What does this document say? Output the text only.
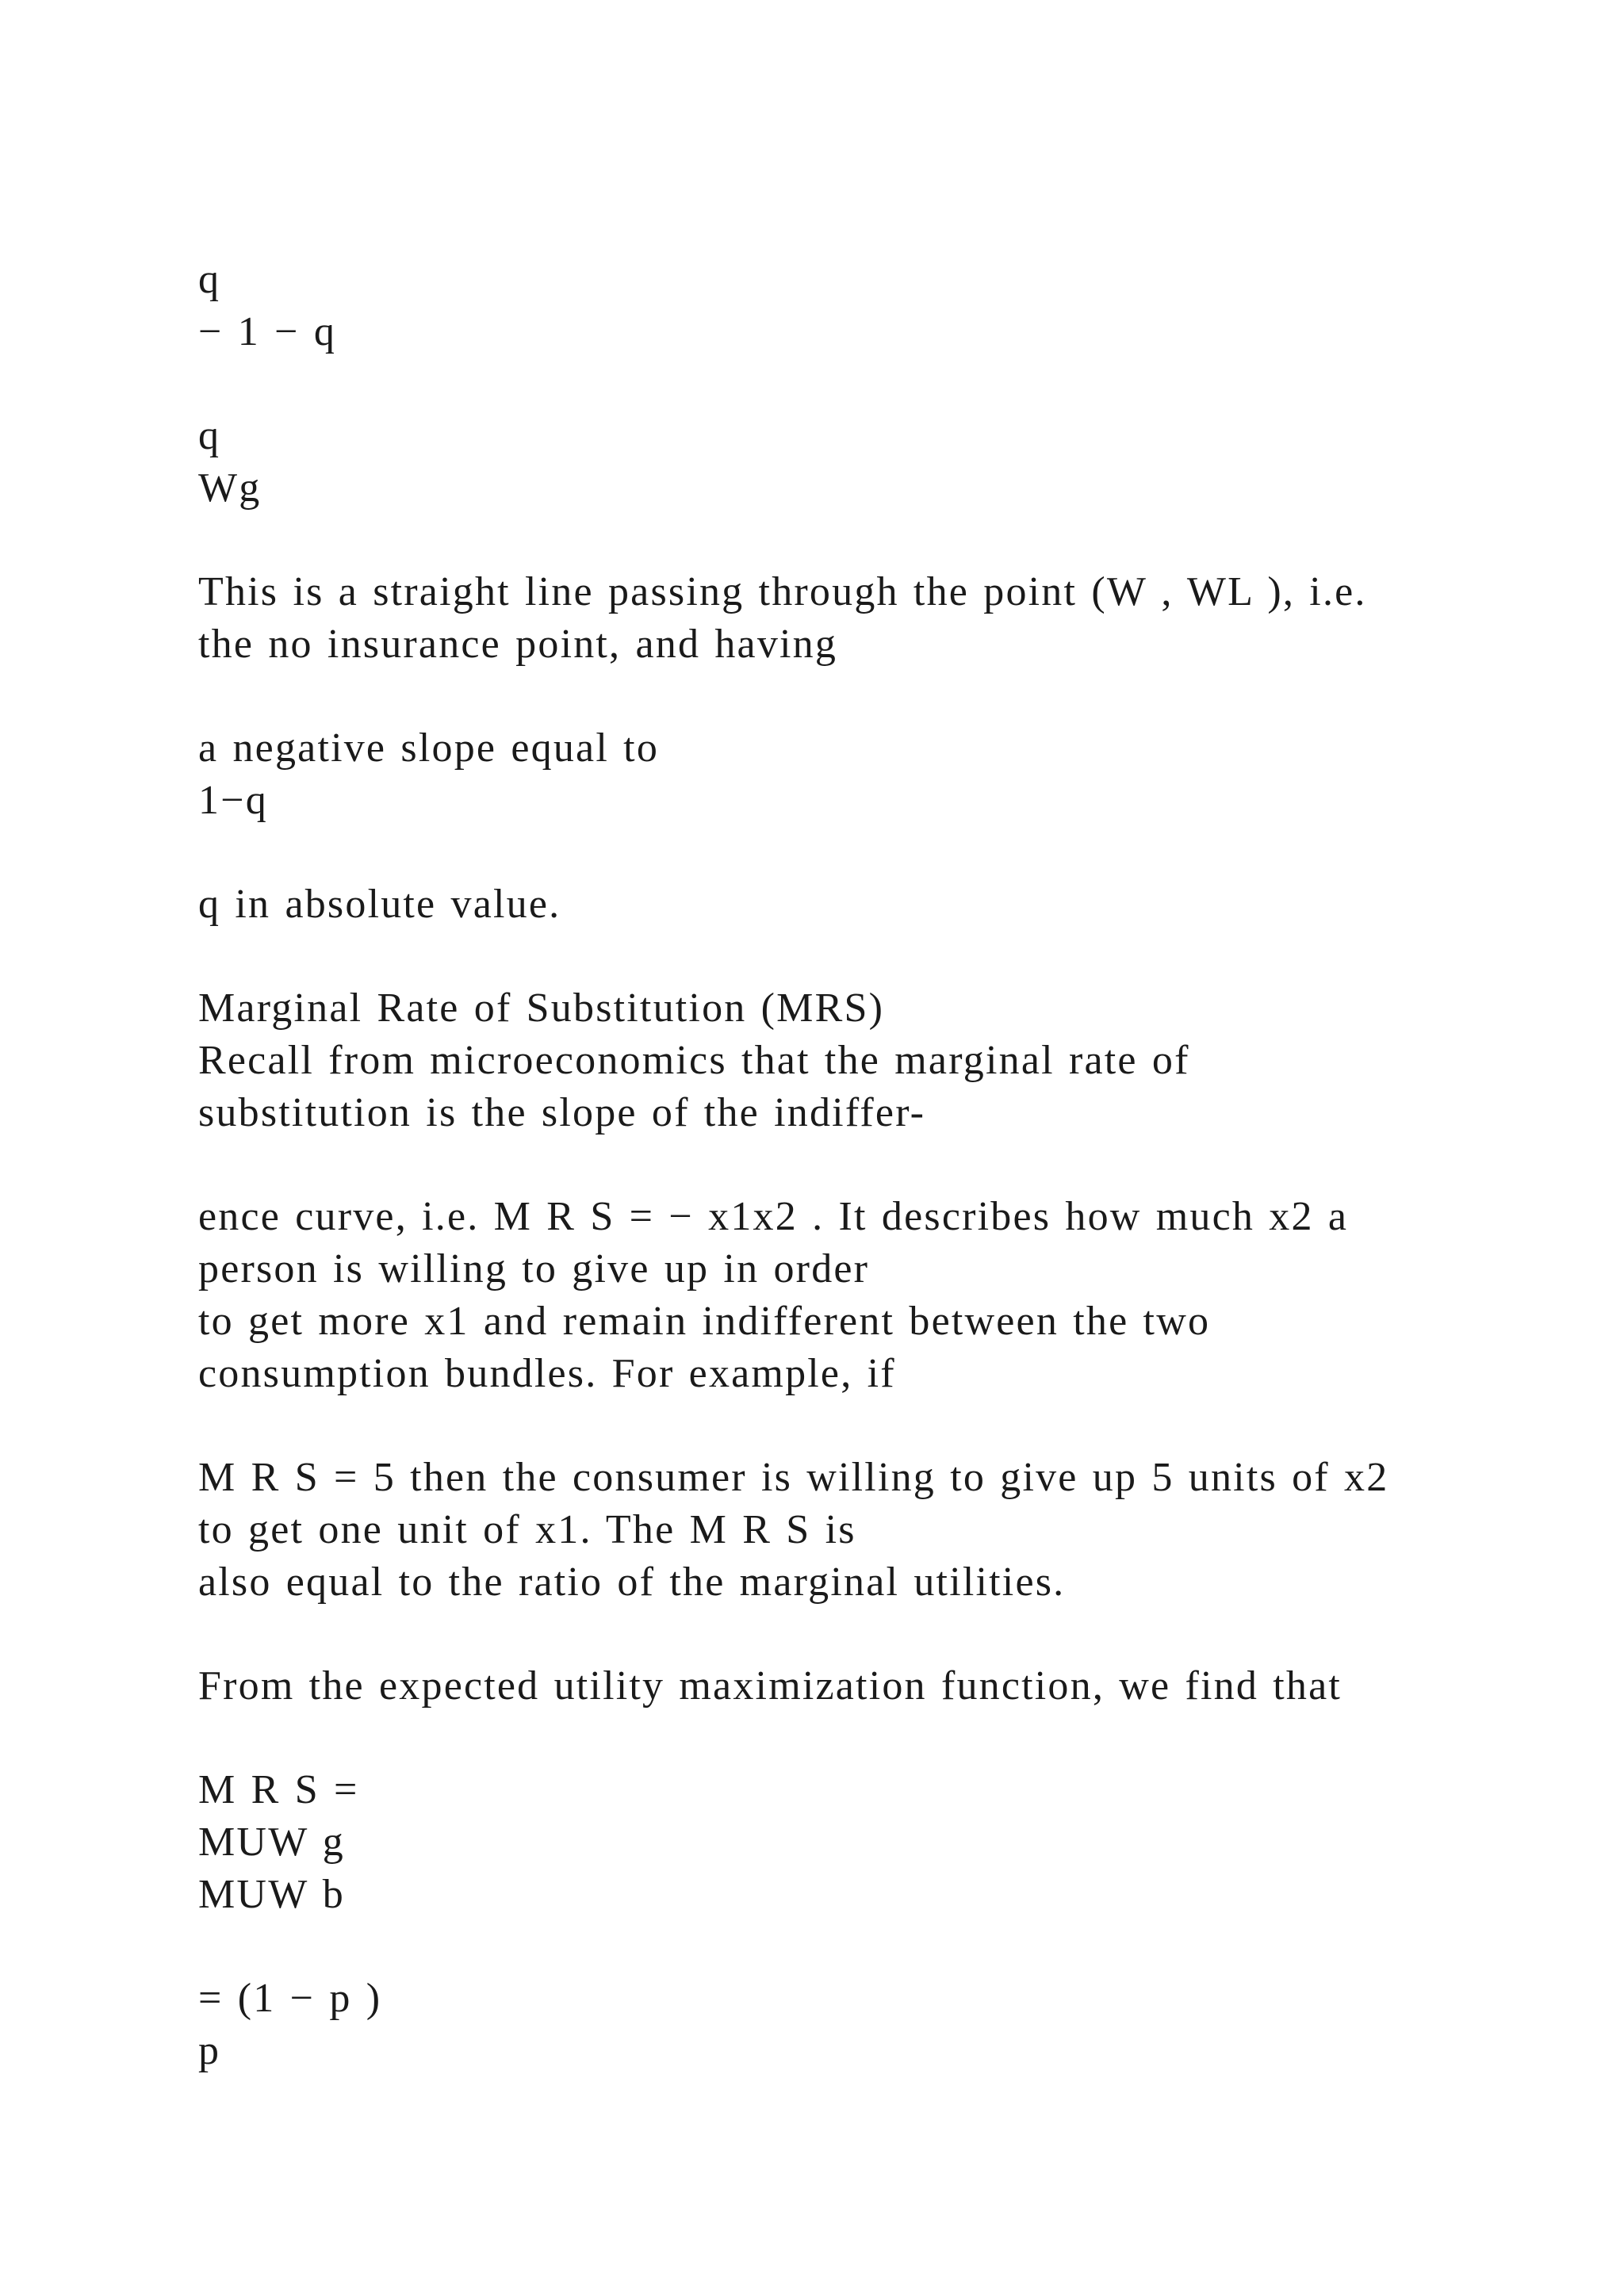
q
− 1 − q
q
Wg
This is a straight line passing through the point (W , WL ), i.e.
the no insurance point, and having
a negative slope equal to
1−q
q in absolute value.
Marginal Rate of Substitution (MRS)
Recall from microeconomics that the marginal rate of
substitution is the slope of the indiffer-
ence curve, i.e. M R S = − x1x2 . It describes how much x2 a
person is willing to give up in order
to get more x1 and remain indifferent between the two
consumption bundles. For example, if
M R S = 5 then the consumer is willing to give up 5 units of x2
to get one unit of x1. The M R S is
also equal to the ratio of the marginal utilities.
From the expected utility maximization function, we find that
M R S =
MUW g
MUW b
= (1 − p )
p
